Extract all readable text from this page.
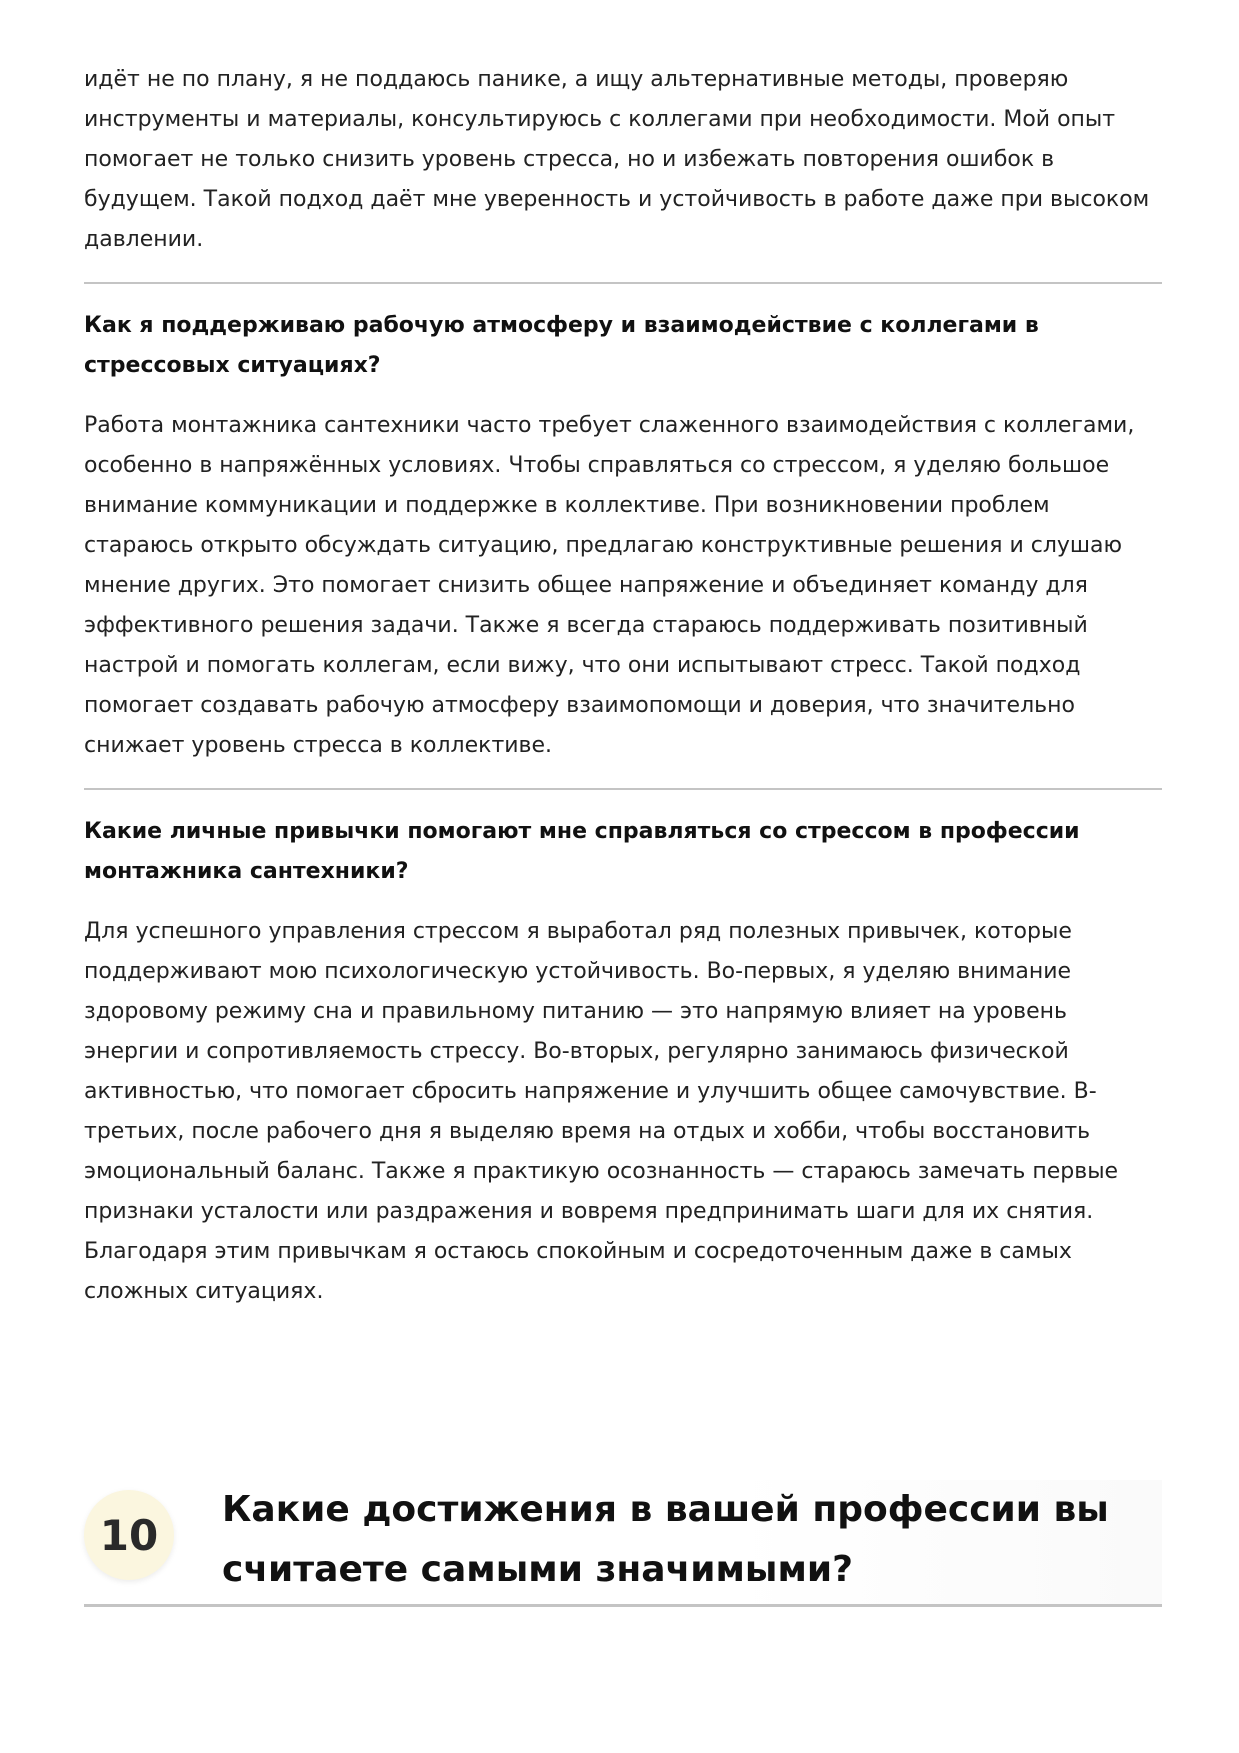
идёт не по плану, я не поддаюсь панике, а ищу альтернативные методы, проверяю инструменты и материалы, консультируюсь с коллегами при необходимости. Мой опыт помогает не только снизить уровень стресса, но и избежать повторения ошибок в будущем. Такой подход даёт мне уверенность и устойчивость в работе даже при высоком давлении.

Как я поддерживаю рабочую атмосферу и взаимодействие с коллегами в стрессовых ситуациях?

Работа монтажника сантехники часто требует слаженного взаимодействия с коллегами, особенно в напряжённых условиях. Чтобы справляться со стрессом, я уделяю большое внимание коммуникации и поддержке в коллективе. При возникновении проблем стараюсь открыто обсуждать ситуацию, предлагаю конструктивные решения и слушаю мнение других. Это помогает снизить общее напряжение и объединяет команду для эффективного решения задачи. Также я всегда стараюсь поддерживать позитивный настрой и помогать коллегам, если вижу, что они испытывают стресс. Такой подход помогает создавать рабочую атмосферу взаимопомощи и доверия, что значительно снижает уровень стресса в коллективе.

Какие личные привычки помогают мне справляться со стрессом в профессии монтажника сантехники?

Для успешного управления стрессом я выработал ряд полезных привычек, которые поддерживают мою психологическую устойчивость. Во-первых, я уделяю внимание здоровому режиму сна и правильному питанию — это напрямую влияет на уровень энергии и сопротивляемость стрессу. Во-вторых, регулярно занимаюсь физической активностью, что помогает сбросить напряжение и улучшить общее самочувствие. В-третьих, после рабочего дня я выделяю время на отдых и хобби, чтобы восстановить эмоциональный баланс. Также я практикую осознанность — стараюсь замечать первые признаки усталости или раздражения и вовремя предпринимать шаги для их снятия. Благодаря этим привычкам я остаюсь спокойным и сосредоточенным даже в самых сложных ситуациях.

10

Какие достижения в вашей профессии вы считаете самыми значимыми?
